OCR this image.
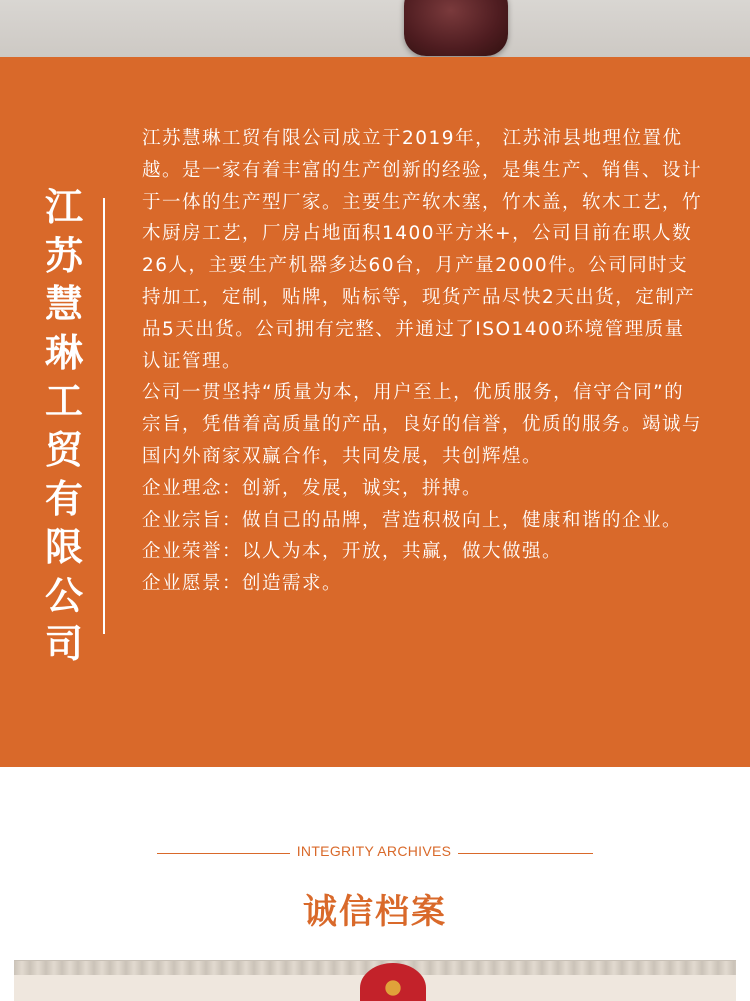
江苏慧琳工贸有限公司

江苏慧琳工贸有限公司成立于2019年， 江苏沛县地理位置优越。是一家有着丰富的生产创新的经验，是集生产、销售、设计于一体的生产型厂家。主要生产软木塞，竹木盖，软木工艺，竹木厨房工艺，厂房占地面积1400平方米+，公司目前在职人数26人，主要生产机器多达60台，月产量2000件。公司同时支持加工，定制，贴牌，贴标等，现货产品尽快2天出货，定制产品5天出货。公司拥有完整、并通过了ISO1400环境管理质量认证管理。

公司一贯坚持“质量为本，用户至上，优质服务，信守合同”的宗旨，凭借着高质量的产品，良好的信誉，优质的服务。竭诚与国内外商家双赢合作，共同发展，共创辉煌。

企业理念：创新，发展，诚实，拼搏。

企业宗旨：做自己的品牌，营造积极向上，健康和谐的企业。

企业荣誉：以人为本，开放，共赢，做大做强。

企业愿景：创造需求。

INTEGRITY ARCHIVES
诚信档案
